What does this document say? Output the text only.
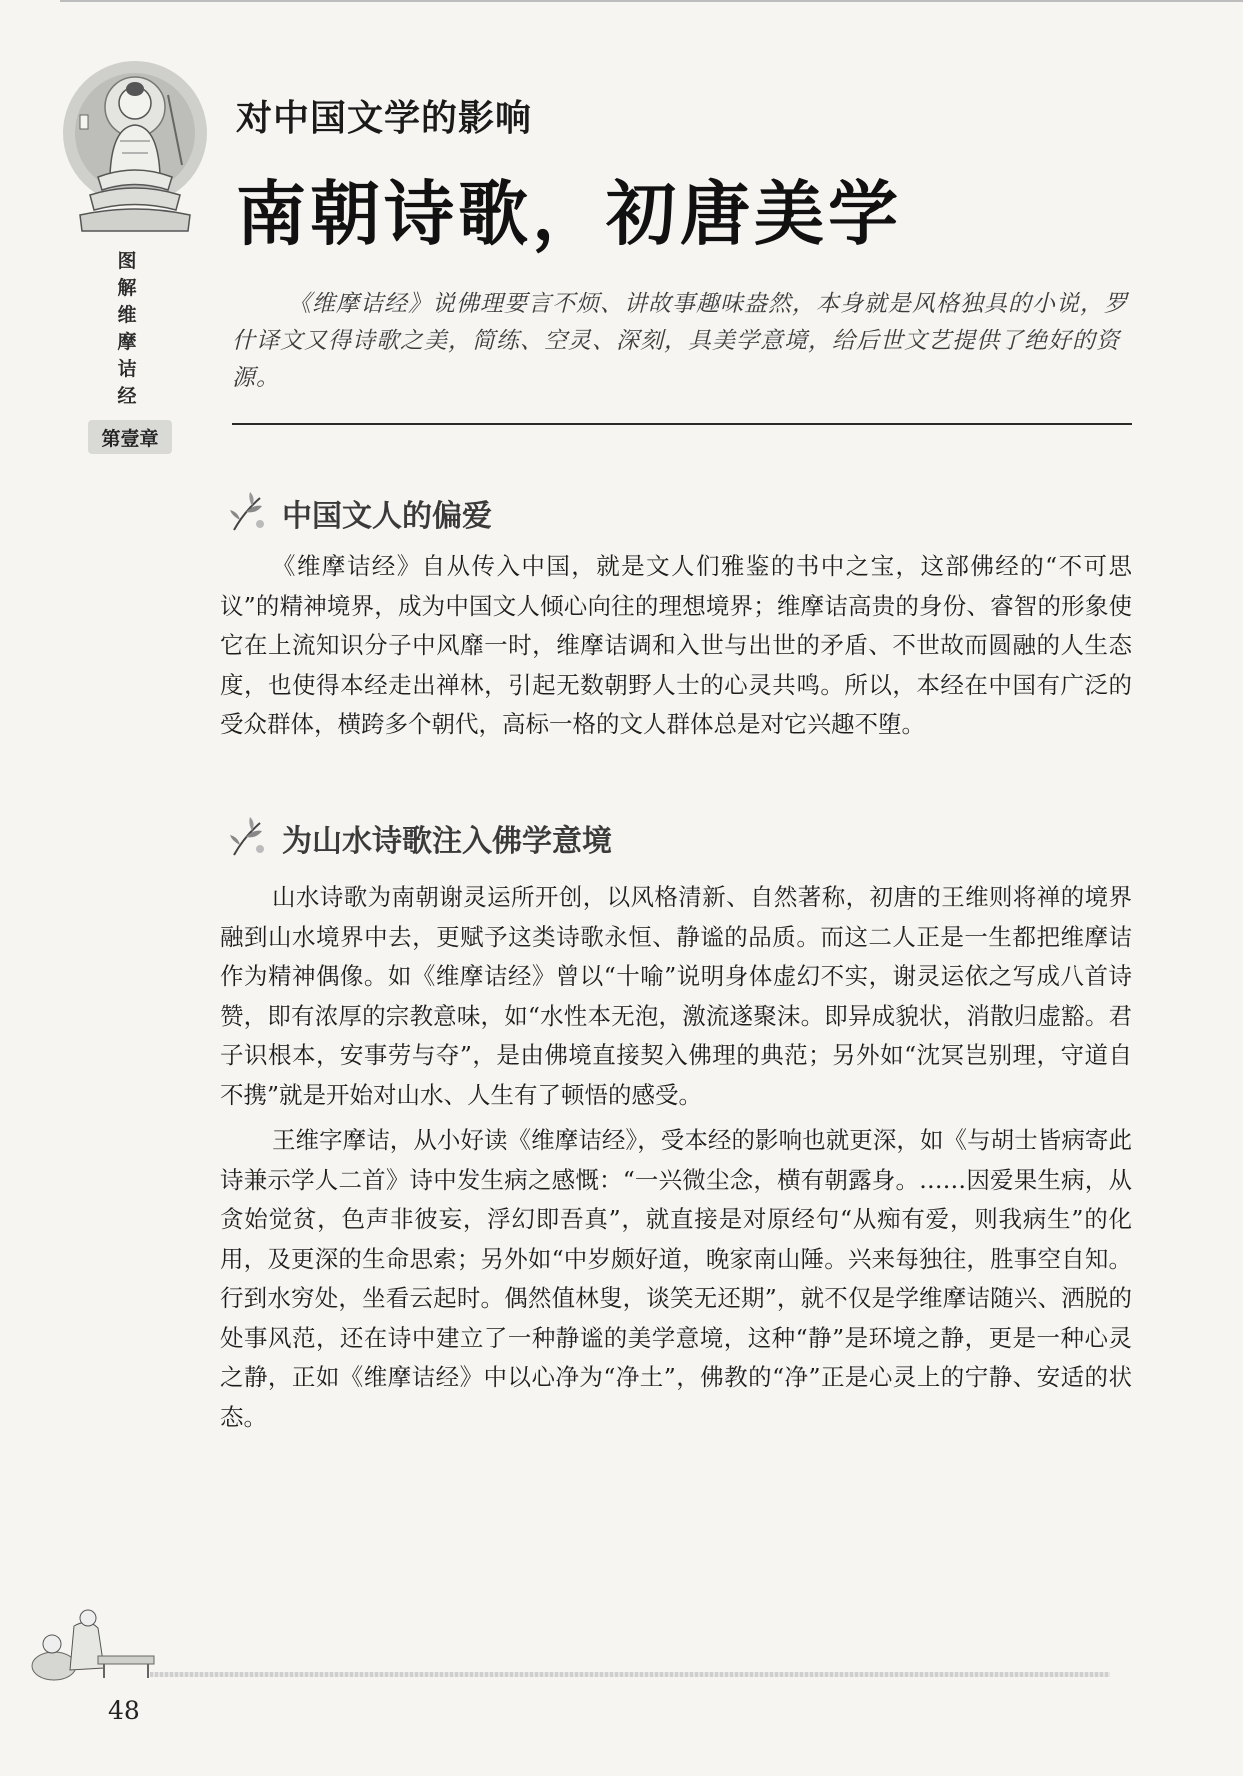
图
解
维
摩
诘
经
第壹章
对中国文学的影响
南朝诗歌，初唐美学
《维摩诘经》说佛理要言不烦、讲故事趣味盎然，本身就是风格独具的小说，罗什译文又得诗歌之美，简练、空灵、深刻，具美学意境，给后世文艺提供了绝好的资源。
中国文人的偏爱

《维摩诘经》自从传入中国，就是文人们雅鉴的书中之宝，这部佛经的“不可思议”的精神境界，成为中国文人倾心向往的理想境界；维摩诘高贵的身份、睿智的形象使它在上流知识分子中风靡一时，维摩诘调和入世与出世的矛盾、不世故而圆融的人生态度，也使得本经走出禅林，引起无数朝野人士的心灵共鸣。所以，本经在中国有广泛的受众群体，横跨多个朝代，高标一格的文人群体总是对它兴趣不堕。

为山水诗歌注入佛学意境

山水诗歌为南朝谢灵运所开创，以风格清新、自然著称，初唐的王维则将禅的境界融到山水境界中去，更赋予这类诗歌永恒、静谧的品质。而这二人正是一生都把维摩诘作为精神偶像。如《维摩诘经》曾以“十喻”说明身体虚幻不实，谢灵运依之写成八首诗赞，即有浓厚的宗教意味，如“水性本无泡，激流遂聚沫。即异成貌状，消散归虚豁。君子识根本，安事劳与夺”，是由佛境直接契入佛理的典范；另外如“沈冥岂别理，守道自不携”就是开始对山水、人生有了顿悟的感受。

王维字摩诘，从小好读《维摩诘经》，受本经的影响也就更深，如《与胡士皆病寄此诗兼示学人二首》诗中发生病之感慨：“一兴微尘念，横有朝露身。……因爱果生病，从贪始觉贫，色声非彼妄，浮幻即吾真”，就直接是对原经句“从痴有爱，则我病生”的化用，及更深的生命思索；另外如“中岁颇好道，晚家南山陲。兴来每独往，胜事空自知。行到水穷处，坐看云起时。偶然值林叟，谈笑无还期”，就不仅是学维摩诘随兴、洒脱的处事风范，还在诗中建立了一种静谧的美学意境，这种“静”是环境之静，更是一种心灵之静，正如《维摩诘经》中以心净为“净土”，佛教的“净”正是心灵上的宁静、安适的状态。

48
